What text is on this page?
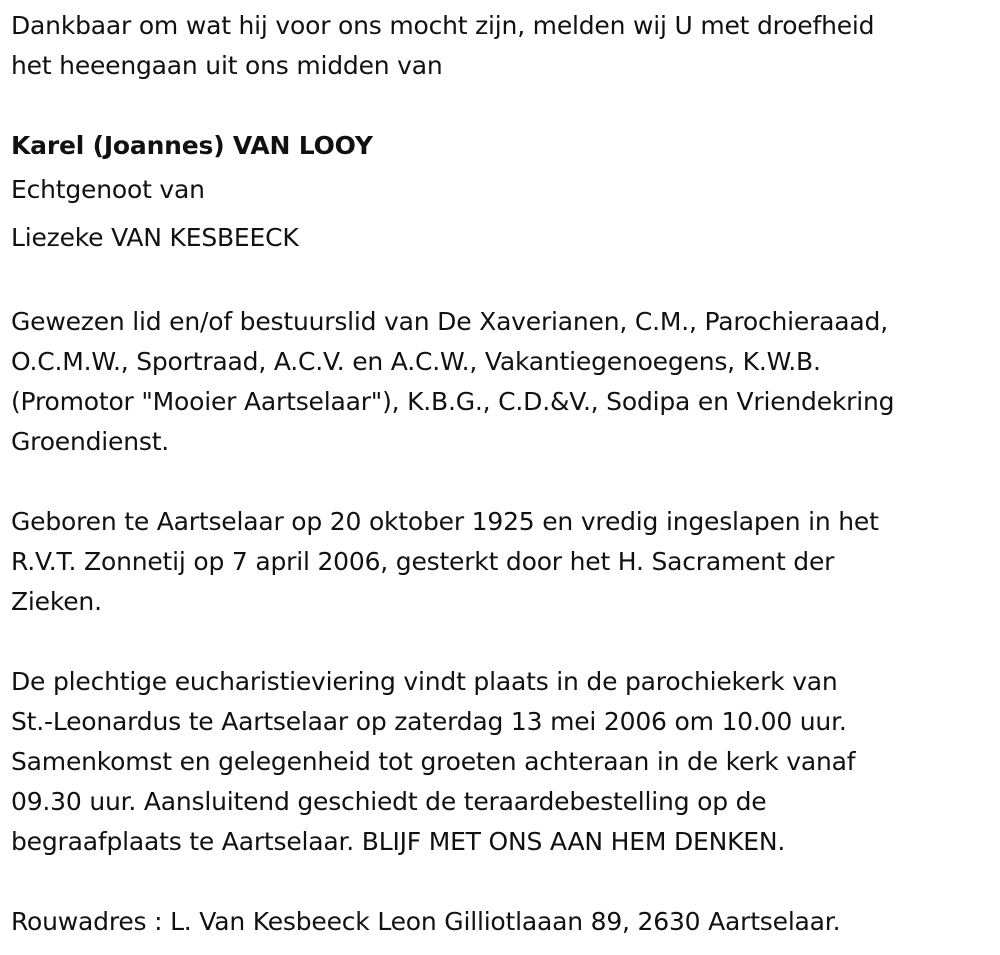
Dankbaar om wat hij voor ons mocht zijn, melden wij U met droefheid
het heeengaan uit ons midden van
Karel (Joannes) VAN LOOY
Echtgenoot van
Liezeke VAN KESBEECK
Gewezen lid en/of bestuurslid van De Xaverianen, C.M., Parochieraaad,
O.C.M.W., Sportraad, A.C.V. en A.C.W., Vakantiegenoegens, K.W.B.
(Promotor "Mooier Aartselaar"), K.B.G., C.D.&V., Sodipa en Vriendekring
Groendienst.
Geboren te Aartselaar op 20 oktober 1925 en vredig ingeslapen in het
R.V.T. Zonnetij op 7 april 2006, gesterkt door het H. Sacrament der
Zieken.
De plechtige eucharistieviering vindt plaats in de parochiekerk van
St.-Leonardus te Aartselaar op zaterdag 13 mei 2006 om 10.00 uur.
Samenkomst en gelegenheid tot groeten achteraan in de kerk vanaf
09.30 uur. Aansluitend geschiedt de teraardebestelling op de
begraafplaats te Aartselaar. BLIJF MET ONS AAN HEM DENKEN.
Rouwadres : L. Van Kesbeeck Leon Gilliotlaaan 89, 2630 Aartselaar.
